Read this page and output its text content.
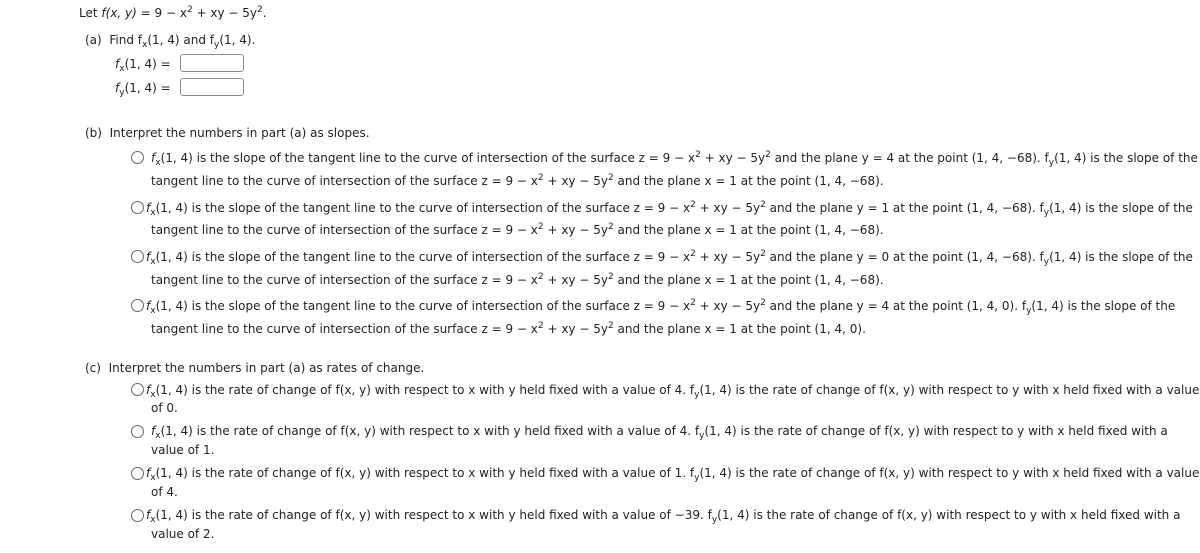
Let f(x, $y) = 9 - x^2$ + xy − $5y^2$.
(a) Find $f_x(1$, 4) and $f_y(1$, 4).
$f_x(1$, 4) =
$f_y(1$, 4) =
(b) Interpret the numbers in part (a) as slopes.
$f_x(1$, 4) is the slope of the tangent line to the curve of intersection of the surface $z = 9 - x^2$ + xy − $5y^2$ and the plane y = 4 at the point (1, 4, −68). $f_y(1$, 4) is the slope of the
tangent line to the curve of intersection of the surface $z = 9 - x^2$ + xy − $5y^2$ and the plane x = 1 at the point (1, 4, −68).
$f_x(1$, 4) is the slope of the tangent line to the curve of intersection of the surface $z = 9 - x^2$ + xy − $5y^2$ and the plane y = 1 at the point (1, 4, −68). $f_y(1$, 4) is the slope of the
tangent line to the curve of intersection of the surface $z = 9 - x^2$ + xy − $5y^2$ and the plane x = 1 at the point (1, 4, −68).
$f_x(1$, 4) is the slope of the tangent line to the curve of intersection of the surface $z = 9 - x^2$ + xy − $5y^2$ and the plane y = 0 at the point (1, 4, −68). $f_y(1$, 4) is the slope of the
tangent line to the curve of intersection of the surface $z = 9 - x^2$ + xy − $5y^2$ and the plane x = 1 at the point (1, 4, −68).
$f_x(1$, 4) is the slope of the tangent line to the curve of intersection of the surface $z = 9 - x^2$ + xy − $5y^2$ and the plane y = 4 at the point (1, 4, 0). $f_y(1$, 4) is the slope of the
tangent line to the curve of intersection of the surface $z = 9 - x^2$ + xy − $5y^2$ and the plane x = 1 at the point (1, 4, 0).
(c) Interpret the numbers in part (a) as rates of change.
$f_x(1$, 4) is the rate of change of f(x, y) with respect to x with y held fixed with a value of 4. $f_y(1$, 4) is the rate of change of f(x, y) with respect to y with x held fixed with a value
of 0.
$f_x(1$, 4) is the rate of change of f(x, y) with respect to x with y held fixed with a value of 4. $f_y(1$, 4) is the rate of change of f(x, y) with respect to y with x held fixed with a
value of 1.
$f_x(1$, 4) is the rate of change of f(x, y) with respect to x with y held fixed with a value of 1. $f_y(1$, 4) is the rate of change of f(x, y) with respect to y with x held fixed with a value
of 4.
$f_x(1$, 4) is the rate of change of f(x, y) with respect to x with y held fixed with a value of −39. $f_y(1$, 4) is the rate of change of f(x, y) with respect to y with x held fixed with a
value of 2.
